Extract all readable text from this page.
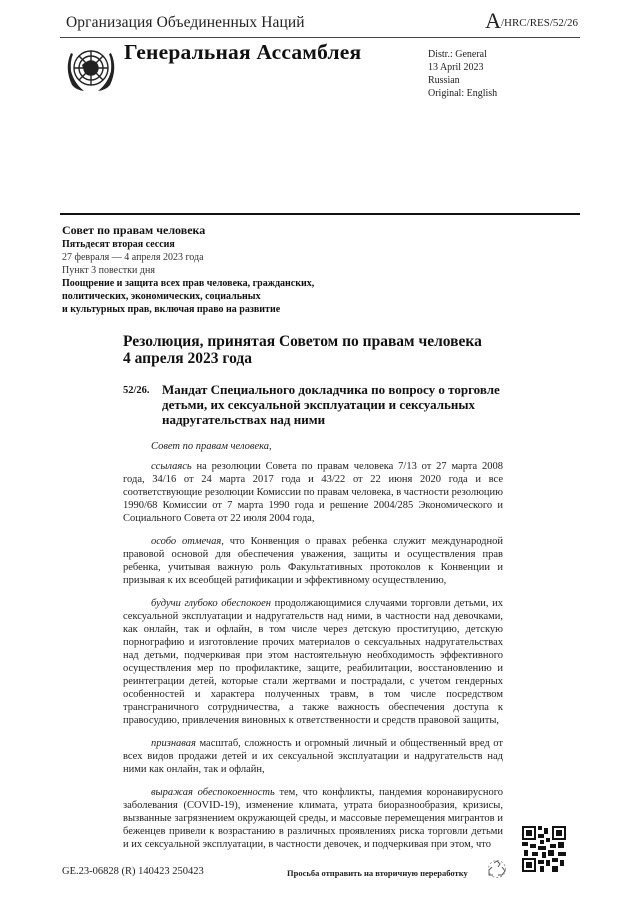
Организация Объединенных Наций	A/HRC/RES/52/26
Генеральная Ассамблея	Distr.: General
13 April 2023
Russian
Original: English
Совет по правам человека
Пятьдесят вторая сессия
27 февраля — 4 апреля 2023 года
Пункт 3 повестки дня
Поощрение и защита всех прав человека, гражданских,
политических, экономических, социальных
и культурных прав, включая право на развитие
Резолюция, принятая Советом по правам человека
4 апреля 2023 года
52/26. Мандат Специального докладчика по вопросу о торговле детьми, их сексуальной эксплуатации и сексуальных надругательствах над ними

Совет по правам человека,

ссылаясь на резолюции Совета по правам человека 7/13 от 27 марта 2008 года, 34/16 от 24 марта 2017 года и 43/22 от 22 июня 2020 года и все соответствующие резолюции Комиссии по правам человека, в частности резолюцию 1990/68 Комиссии от 7 марта 1990 года и решение 2004/285 Экономического и Социального Совета от 22 июля 2004 года,

особо отмечая, что Конвенция о правах ребенка служит международной правовой основой для обеспечения уважения, защиты и осуществления прав ребенка, учитывая важную роль Факультативных протоколов к Конвенции и призывая к их всеобщей ратификации и эффективному осуществлению,

будучи глубоко обеспокоен продолжающимися случаями торговли детьми, их сексуальной эксплуатации и надругательств над ними, в частности над девочками, как онлайн, так и офлайн, в том числе через детскую проституцию, детскую порнографию и изготовление прочих материалов о сексуальных надругательствах над детьми, подчеркивая при этом настоятельную необходимость эффективного осуществления мер по профилактике, защите, реабилитации, восстановлению и реинтеграции детей, которые стали жертвами и пострадали, с учетом гендерных особенностей и характера полученных травм, в том числе посредством трансграничного сотрудничества, а также важность обеспечения доступа к правосудию, привлечения виновных к ответственности и средств правовой защиты,

признавая масштаб, сложность и огромный личный и общественный вред от всех видов продажи детей и их сексуальной эксплуатации и надругательств над ними как онлайн, так и офлайн,

выражая обеспокоенность тем, что конфликты, пандемия коронавирусного заболевания (COVID-19), изменение климата, утрата биоразнообразия, кризисы, вызванные загрязнением окружающей среды, и массовые перемещения мигрантов и беженцев привели к возрастанию в различных проявлениях риска торговли детьми и их сексуальной эксплуатации, в частности девочек, и подчеркивая при этом, что

GE.23-06828 (R) 140423 250423	Просьба отправить на вторичную переработку
